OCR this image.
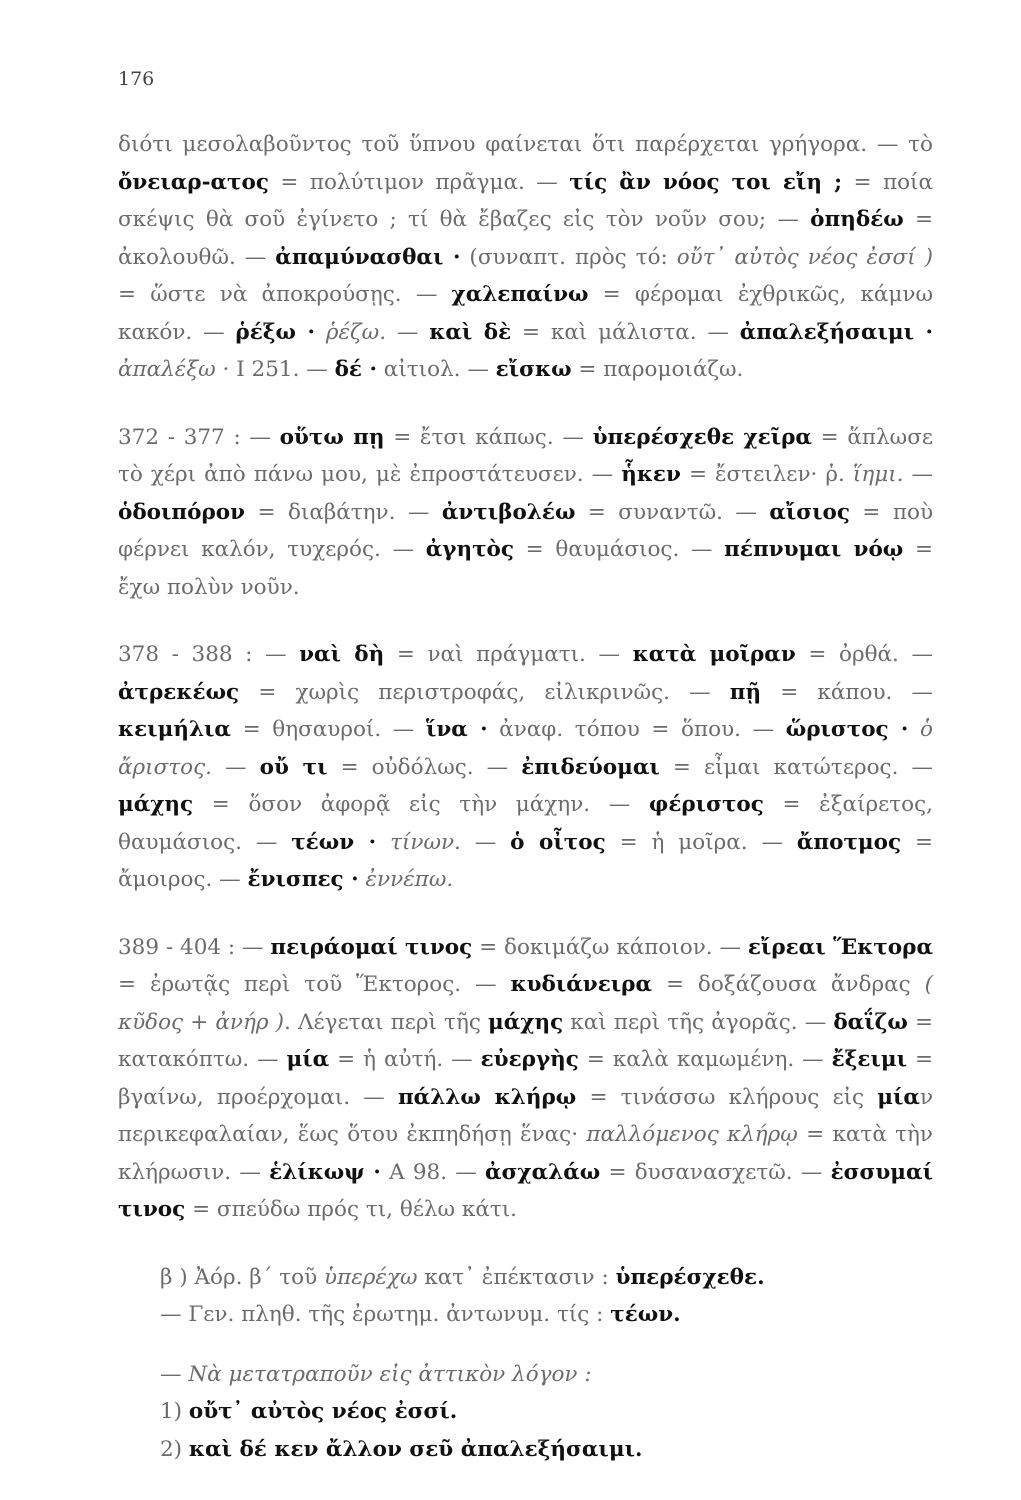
176

διότι μεσολαβοῦντος τοῦ ὕπνου φαίνεται ὅτι παρέρχεται γρήγορα. — τὸ ὄνειαρ-ατος = πολύτιμον πρᾶγμα. — τίς ἂν νόος τοι εἴη ; = ποία σκέψις θὰ σοῦ ἐγίνετο ; τί θὰ ἔβαζες εἰς τὸν νοῦν σου; — ὀπηδέω = ἀκολουθῶ. — ἀπαμύνασθαι · (συναπτ. πρὸς τό: οὔτ᾽ αὐτὸς νέος ἐσσί ) = ὥστε νὰ ἀποκρούσῃς. — χαλεπαίνω = φέρομαι ἐχθρικῶς, κάμνω κακόν. — ῥέξω · ῥέζω. — καὶ δὲ = καὶ μάλιστα. — ἀπαλεξήσαιμι · ἀπαλέξω · Ι 251. — δέ · αἰτιολ. — εἴσκω = παρομοιάζω.

372 - 377 : — οὕτω πῃ = ἔτσι κάπως. — ὑπερέσχεθε χεῖρα = ἅπλωσε τὸ χέρι ἀπὸ πάνω μου, μὲ ἐπροστάτευσεν. — ἧκεν = ἔστειλεν· ῥ. ἵημι. — ὁδοιπόρον = διαβάτην. — ἀντιβολέω = συναντῶ. — αἴσιος = ποὺ φέρνει καλόν, τυχερός. — ἀγητὸς = θαυμάσιος. — πέπνυμαι νόῳ = ἔχω πολὺν νοῦν.

378 - 388 : — ναὶ δὴ = ναὶ πράγματι. — κατὰ μοῖραν = ὀρθά. — ἀτρεκέως = χωρὶς περιστροφάς, εἰλικρινῶς. — πῇ = κάπου. — κειμήλια = θησαυροί. — ἵνα · ἀναφ. τόπου = ὅπου. — ὥριστος · ὁ ἄριστος. — οὔ τι = οὐδόλως. — ἐπιδεύομαι = εἶμαι κατώτερος. — μάχης = ὅσον ἀφορᾷ εἰς τὴν μάχην. — φέριστος = ἐξαίρετος, θαυμάσιος. — τέων · τίνων. — ὁ οἶτος = ἡ μοῖρα. — ἄποτμος = ἄμοιρος. — ἔνισπες · ἐννέπω.

389 - 404 : — πειράομαί τινος = δοκιμάζω κάποιον. — εἴρεαι Ἕκτορα = ἐρωτᾷς περὶ τοῦ Ἕκτορος. — κυδιάνειρα = δοξάζουσα ἄνδρας ( κῦδος + ἀνήρ ). Λέγεται περὶ τῆς μάχης καὶ περὶ τῆς ἀγορᾶς. — δαΐζω = κατακόπτω. — μία = ἡ αὐτή. — εὐεργὴς = καλὰ καμωμένη. — ἔξειμι = βγαίνω, προέρχομαι. — πάλλω κλήρῳ = τινάσσω κλήρους εἰς μίαν περικεφαλαίαν, ἕως ὅτου ἐκπηδήσῃ ἕνας· παλλόμενος κλήρῳ = κατὰ τὴν κλήρωσιν. — ἑλίκωψ · Α 98. — ἀσχαλάω = δυσανασχετῶ. — ἐσσυμαί τινος = σπεύδω πρός τι, θέλω κάτι.

β ) Ἀόρ. β´ τοῦ ὑπερέχω κατ᾽ ἐπέκτασιν : ὑπερέσχεθε.

— Γεν. πληθ. τῆς ἐρωτημ. ἀντωνυμ. τίς : τέων.

— Νὰ μετατραποῦν εἰς ἀττικὸν λόγον :

1) οὔτ᾽ αὐτὸς νέος ἐσσί.

2) καὶ δέ κεν ἄλλον σεῦ ἀπαλεξήσαιμι.
